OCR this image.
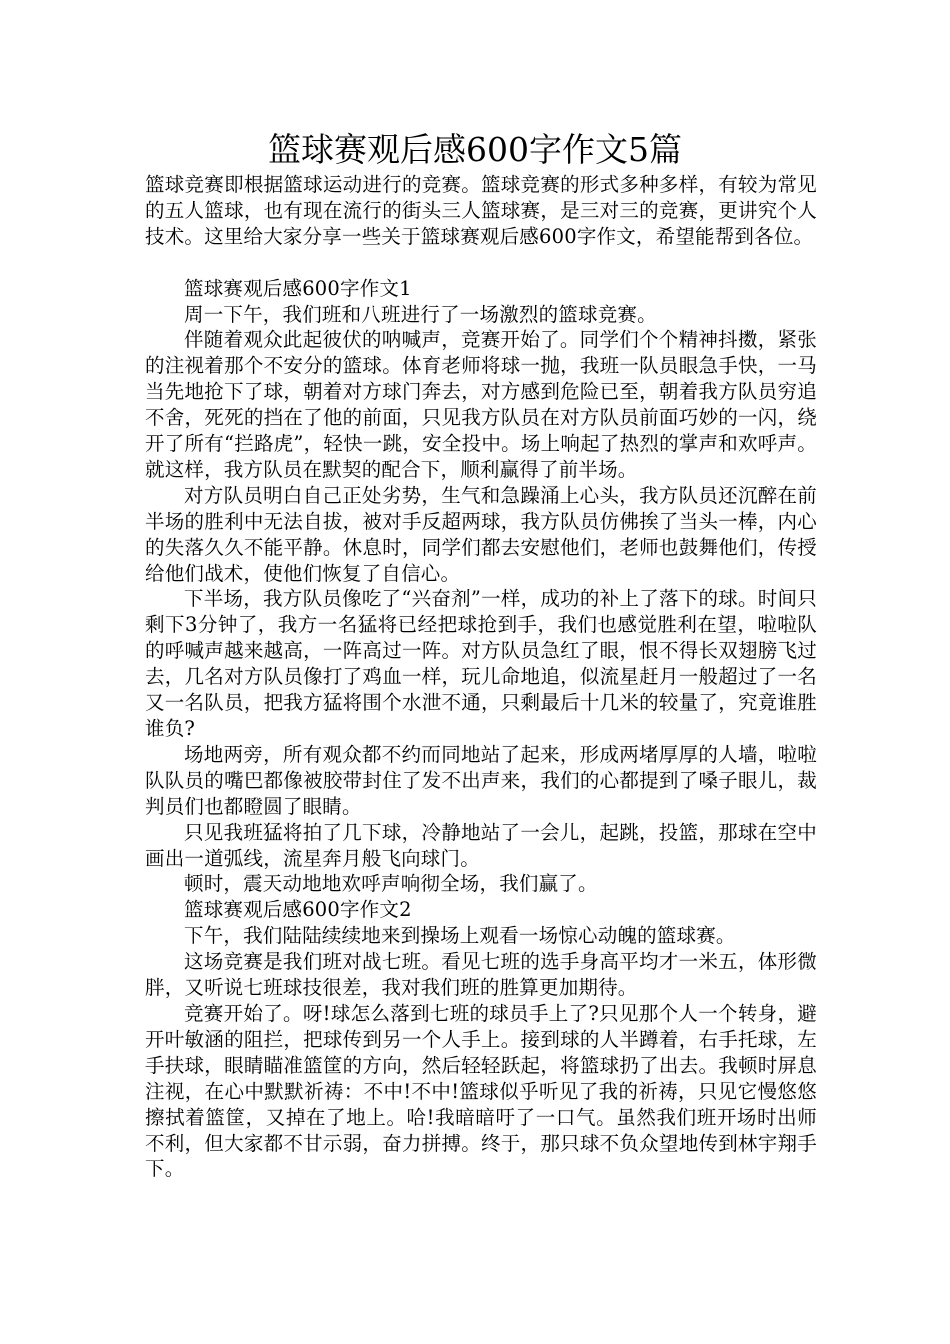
篮球赛观后感600字作文5篇

篮球竞赛即根据篮球运动进行的竞赛。篮球竞赛的形式多种多样，有较为常见的五人篮球，也有现在流行的街头三人篮球赛，是三对三的竞赛，更讲究个人技术。这里给大家分享一些关于篮球赛观后感600字作文，希望能帮到各位。

篮球赛观后感600字作文1

周一下午，我们班和八班进行了一场激烈的篮球竞赛。

伴随着观众此起彼伏的呐喊声，竞赛开始了。同学们个个精神抖擞，紧张的注视着那个不安分的篮球。体育老师将球一抛，我班一队员眼急手快，一马当先地抢下了球，朝着对方球门奔去，对方感到危险已至，朝着我方队员穷追不舍，死死的挡在了他的前面，只见我方队员在对方队员前面巧妙的一闪，绕开了所有“拦路虎”，轻快一跳，安全投中。场上响起了热烈的掌声和欢呼声。就这样，我方队员在默契的配合下，顺利赢得了前半场。

对方队员明白自己正处劣势，生气和急躁涌上心头，我方队员还沉醉在前半场的胜利中无法自拔，被对手反超两球，我方队员仿佛挨了当头一棒，内心的失落久久不能平静。休息时，同学们都去安慰他们，老师也鼓舞他们，传授给他们战术，使他们恢复了自信心。

下半场，我方队员像吃了“兴奋剂”一样，成功的补上了落下的球。时间只剩下3分钟了，我方一名猛将已经把球抢到手，我们也感觉胜利在望，啦啦队的呼喊声越来越高，一阵高过一阵。对方队员急红了眼，恨不得长双翅膀飞过去，几名对方队员像打了鸡血一样，玩儿命地追，似流星赶月一般超过了一名又一名队员，把我方猛将围个水泄不通，只剩最后十几米的较量了，究竟谁胜谁负?

场地两旁，所有观众都不约而同地站了起来，形成两堵厚厚的人墙，啦啦队队员的嘴巴都像被胶带封住了发不出声来，我们的心都提到了嗓子眼儿，裁判员们也都瞪圆了眼睛。

只见我班猛将拍了几下球，冷静地站了一会儿，起跳，投篮，那球在空中画出一道弧线，流星奔月般飞向球门。

顿时，震天动地地欢呼声响彻全场，我们赢了。

篮球赛观后感600字作文2

下午，我们陆陆续续地来到操场上观看一场惊心动魄的篮球赛。

这场竞赛是我们班对战七班。看见七班的选手身高平均才一米五，体形微胖，又听说七班球技很差，我对我们班的胜算更加期待。

竞赛开始了。呀!球怎么落到七班的球员手上了?只见那个人一个转身，避开叶敏涵的阻拦，把球传到另一个人手上。接到球的人半蹲着，右手托球，左手扶球，眼睛瞄准篮筐的方向，然后轻轻跃起，将篮球扔了出去。我顿时屏息注视，在心中默默祈祷：不中!不中!篮球似乎听见了我的祈祷，只见它慢悠悠擦拭着篮筐，又掉在了地上。哈!我暗暗吁了一口气。虽然我们班开场时出师不利，但大家都不甘示弱，奋力拼搏。终于，那只球不负众望地传到林宇翔手下。
